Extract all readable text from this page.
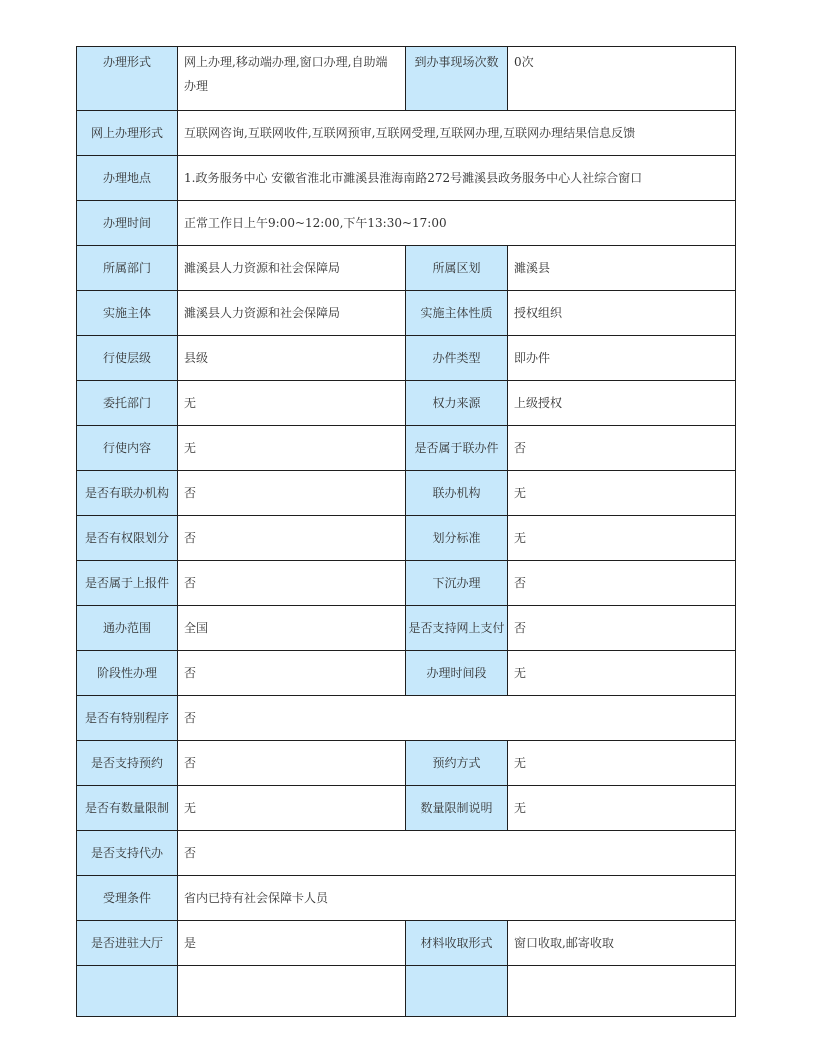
办理形式	网上办理,移动端办理,窗口办理,自助端办理	到办事现场次数	0次
网上办理形式	互联网咨询,互联网收件,互联网预审,互联网受理,互联网办理,互联网办理结果信息反馈		
办理地点	1.政务服务中心 安徽省淮北市濉溪县淮海南路272号濉溪县政务服务中心人社综合窗口		
办理时间	正常工作日上午9:00~12:00,下午13:30~17:00		
所属部门	濉溪县人力资源和社会保障局	所属区划	濉溪县
实施主体	濉溪县人力资源和社会保障局	实施主体性质	授权组织
行使层级	县级	办件类型	即办件
委托部门	无	权力来源	上级授权
行使内容	无	是否属于联办件	否
是否有联办机构	否	联办机构	无
是否有权限划分	否	划分标准	无
是否属于上报件	否	下沉办理	否
通办范围	全国	是否支持网上支付	否
阶段性办理	否	办理时间段	无
是否有特别程序	否		
是否支持预约	否	预约方式	无
是否有数量限制	无	数量限制说明	无
是否支持代办	否		
受理条件	省内已持有社会保障卡人员		
是否进驻大厅	是	材料收取形式	窗口收取,邮寄收取
